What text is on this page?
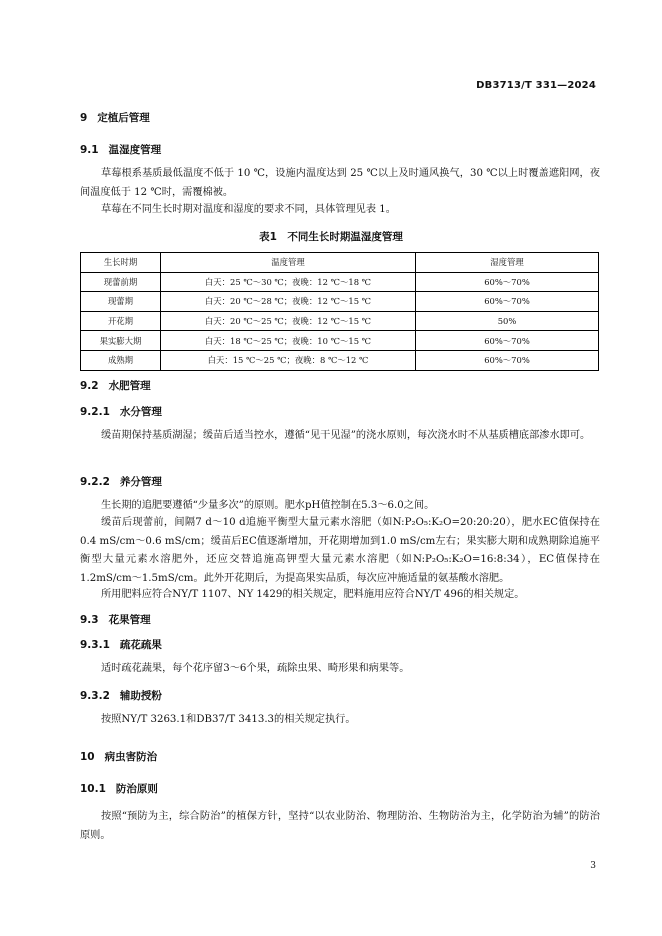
DB3713/T 331—2024
9 定植后管理
9.1 温湿度管理
草莓根系基质最低温度不低于 10 ℃，设施内温度达到 25 ℃以上及时通风换气，30 ℃以上时覆盖遮阳网，夜间温度低于 12 ℃时，需覆棉被。
草莓在不同生长时期对温度和湿度的要求不同，具体管理见表 1。
表1　不同生长时期温湿度管理
生长时期	温度管理	湿度管理
现蕾前期	白天：25 ℃～30 ℃；夜晚：12 ℃～18 ℃	60%～70%
现蕾期	白天：20 ℃～28 ℃；夜晚：12 ℃～15 ℃	60%～70%
开花期	白天：20 ℃～25 ℃；夜晚：12 ℃～15 ℃	50%
果实膨大期	白天：18 ℃～25 ℃；夜晚：10 ℃～15 ℃	60%～70%
成熟期	白天：15 ℃～25 ℃；夜晚：8 ℃～12 ℃	60%～70%
9.2 水肥管理
9.2.1 水分管理
缓苗期保持基质湖湿；缓苗后适当控水，遵循“见干见湿”的浇水原则，每次浇水时不从基质槽底部渗水即可。
9.2.2 养分管理
生长期的追肥要遵循“少量多次”的原则。肥水pH值控制在5.3～6.0之间。
缓苗后现蕾前，间隔7 d～10 d追施平衡型大量元素水溶肥（如N:P₂O₅:K₂O=20:20:20），肥水EC值保持在0.4 mS/cm～0.6 mS/cm；缓苗后EC值逐渐增加，开花期增加到1.0 mS/cm左右；果实膨大期和成熟期除追施平衡型大量元素水溶肥外，还应交替追施高钾型大量元素水溶肥（如N:P₂O₅:K₂O=16:8:34），EC值保持在1.2mS/cm～1.5mS/cm。此外开花期后，为提高果实品质，每次应冲施适量的氨基酸水溶肥。
所用肥料应符合NY/T 1107、NY 1429的相关规定，肥料施用应符合NY/T 496的相关规定。
9.3 花果管理
9.3.1 疏花疏果
适时疏花蔬果，每个花序留3～6个果，疏除虫果、畸形果和病果等。
9.3.2 辅助授粉
按照NY/T 3263.1和DB37/T 3413.3的相关规定执行。
10 病虫害防治
10.1 防治原则
按照“预防为主，综合防治”的植保方针，坚持“以农业防治、物理防治、生物防治为主，化学防治为辅”的防治原则。
3
